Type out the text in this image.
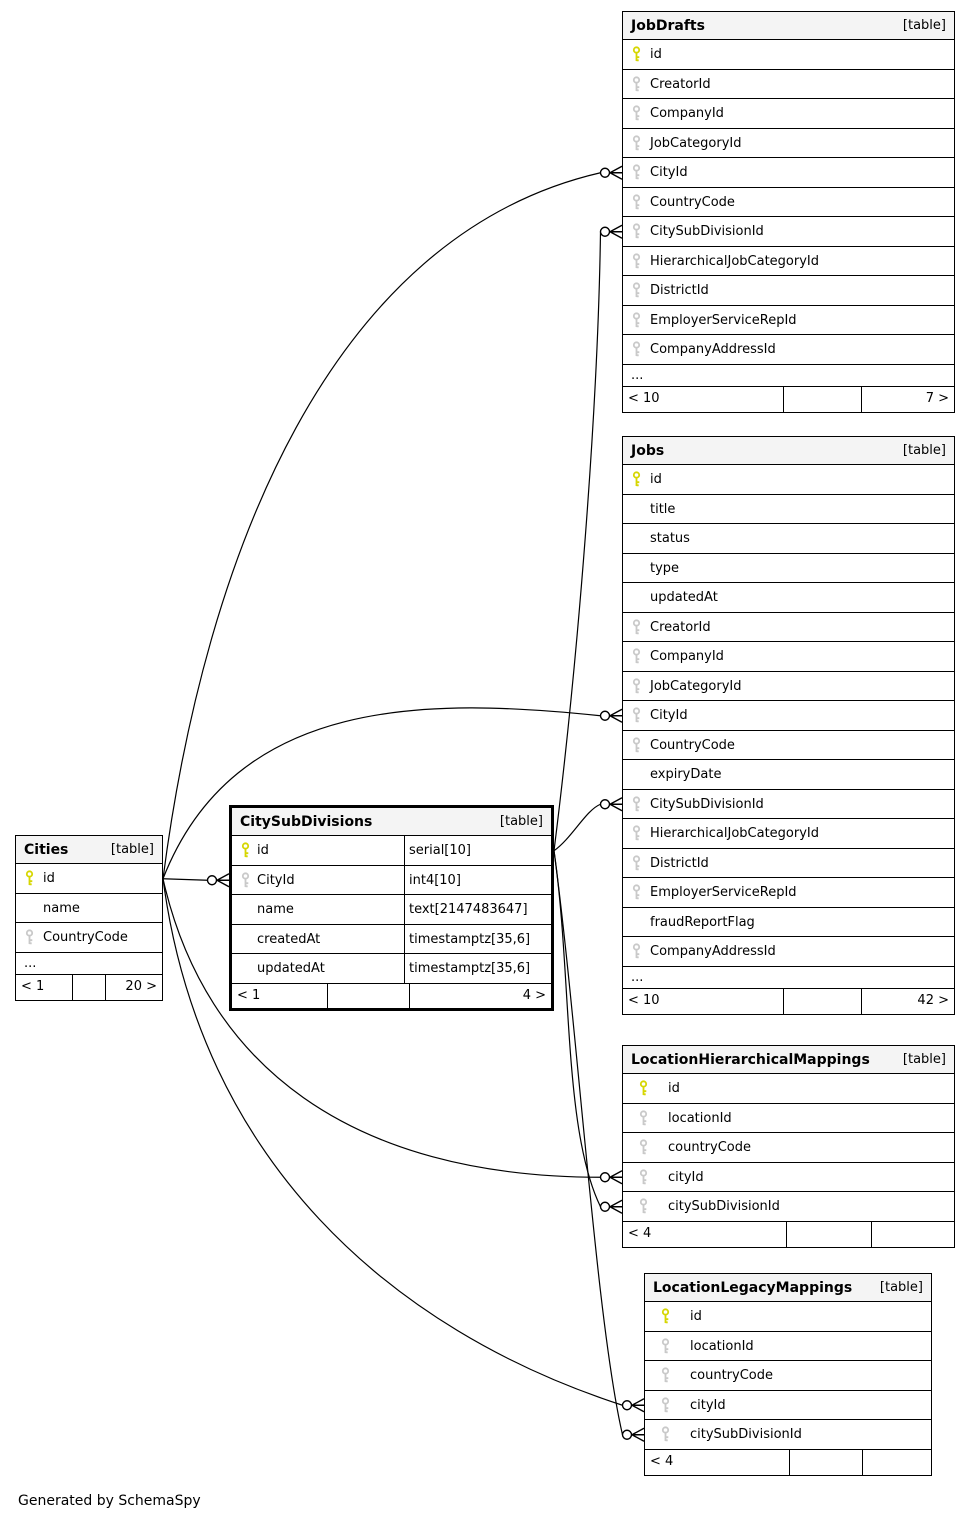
Generated by SchemaSpy
JobDrafts	[table]
id
CreatorId
CompanyId
JobCategoryId
CityId
CountryCode
CitySubDivisionId
HierarchicalJobCategoryId
DistrictId
EmployerServiceRepId
CompanyAddressId
...
< 10	7 >
Jobs	[table]
id
title
status
type
updatedAt
CreatorId
CompanyId
JobCategoryId
CityId
CountryCode
expiryDate
CitySubDivisionId
HierarchicalJobCategoryId
DistrictId
EmployerServiceRepId
fraudReportFlag
CompanyAddressId
...
< 10	42 >
Cities	[table]
id
name
CountryCode
...
< 1	20 >
CitySubDivisions	[table]
id	serial[10]
CityId	int4[10]
name	text[2147483647]
createdAt	timestamptz[35,6]
updatedAt	timestamptz[35,6]
< 1	4 >
LocationHierarchicalMappings	[table]
id
locationId
countryCode
cityId
citySubDivisionId
< 4
LocationLegacyMappings [table]
id
locationId
countryCode
cityId
citySubDivisionId
< 4
